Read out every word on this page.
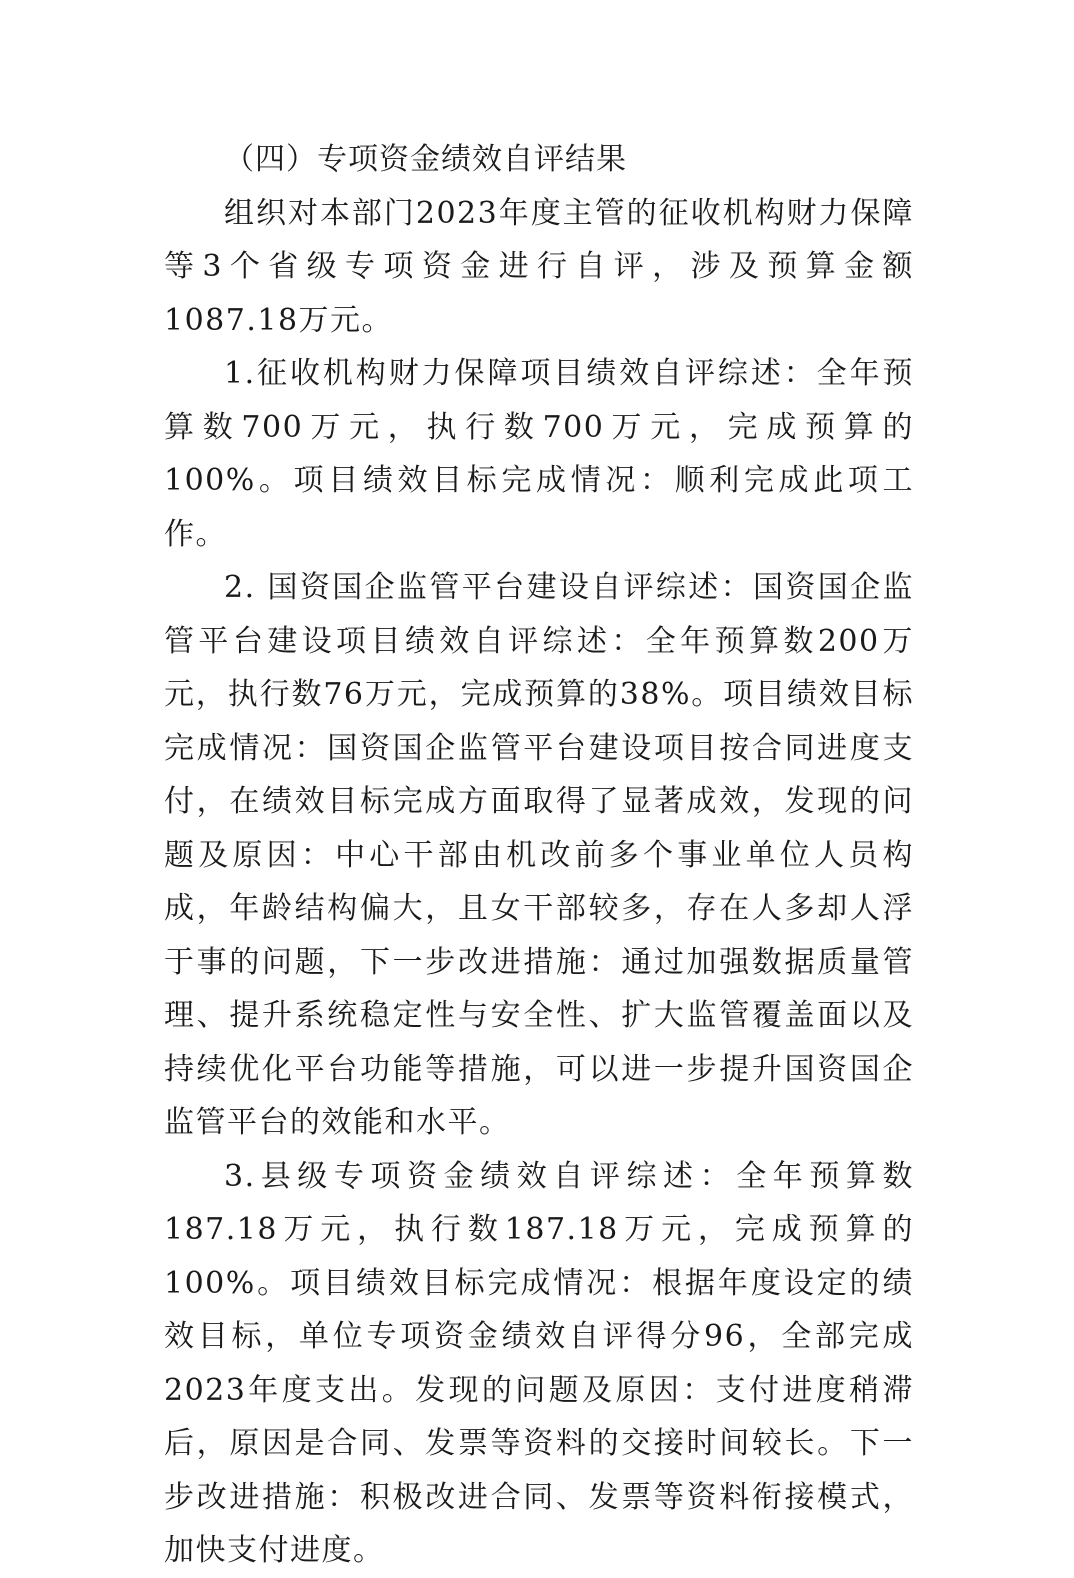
（四）专项资金绩效自评结果

组织对本部门2023年度主管的征收机构财力保障等3个省级专项资金进行自评，涉及预算金额1087.18万元。

1.征收机构财力保障项目绩效自评综述：全年预算数700万元，执行数700万元，完成预算的100%。项目绩效目标完成情况：顺利完成此项工作。

2. 国资国企监管平台建设自评综述：国资国企监管平台建设项目绩效自评综述：全年预算数200万元，执行数76万元，完成预算的38%。项目绩效目标完成情况：国资国企监管平台建设项目按合同进度支付，在绩效目标完成方面取得了显著成效，发现的问题及原因：中心干部由机改前多个事业单位人员构成，年龄结构偏大，且女干部较多，存在人多却人浮于事的问题，下一步改进措施：通过加强数据质量管理、提升系统稳定性与安全性、扩大监管覆盖面以及持续优化平台功能等措施，可以进一步提升国资国企监管平台的效能和水平。

3.县级专项资金绩效自评综述：全年预算数187.18万元，执行数187.18万元，完成预算的100%。项目绩效目标完成情况：根据年度设定的绩效目标，单位专项资金绩效自评得分96，全部完成2023年度支出。发现的问题及原因：支付进度稍滞后，原因是合同、发票等资料的交接时间较长。下一步改进措施：积极改进合同、发票等资料衔接模式，加快支付进度。
